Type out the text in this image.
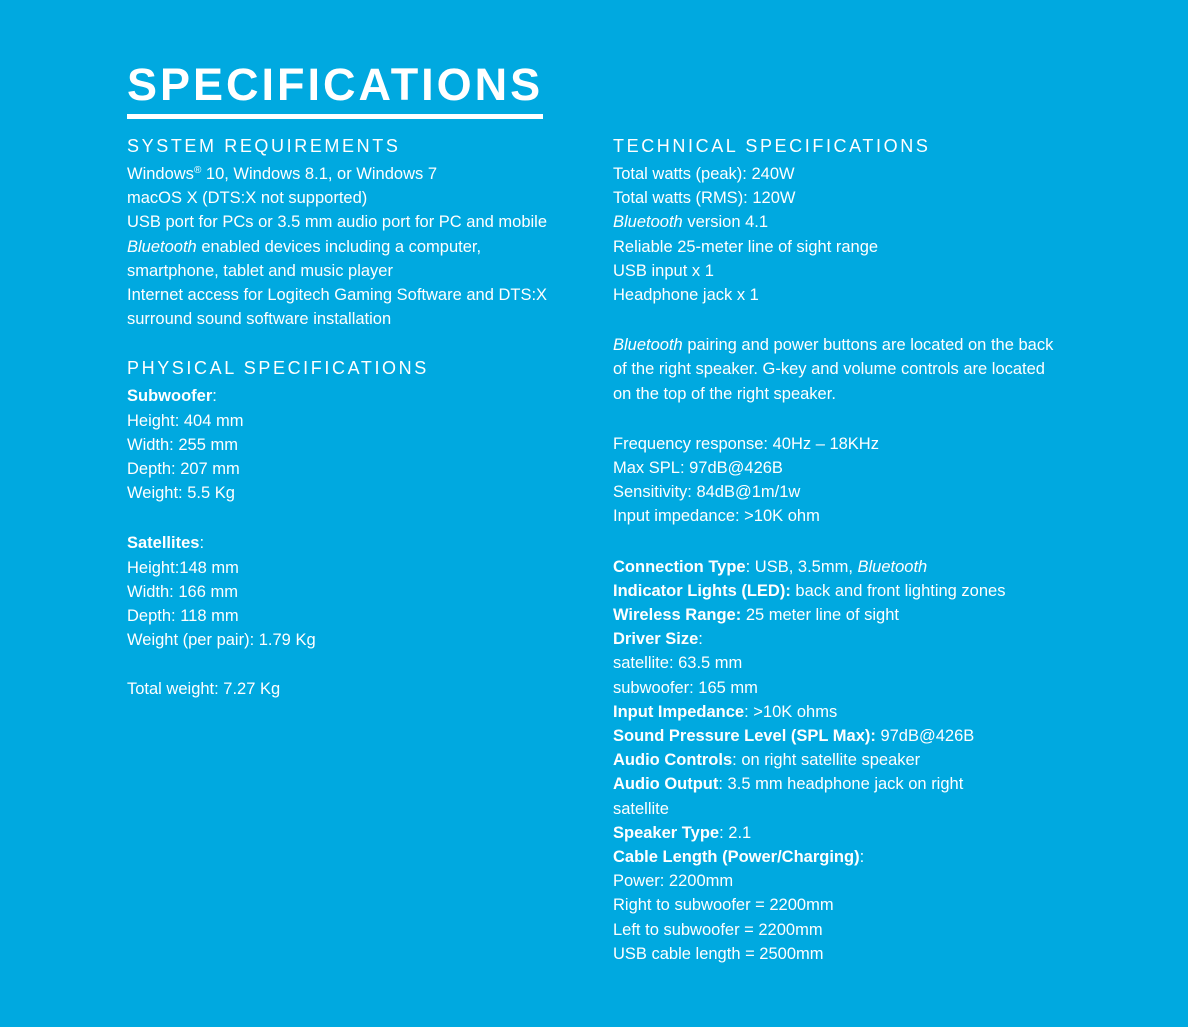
SPECIFICATIONS
SYSTEM REQUIREMENTS
Windows® 10, Windows 8.1, or Windows 7
macOS X (DTS:X not supported)
USB port for PCs or 3.5 mm audio port for PC and mobile
Bluetooth enabled devices including a computer, smartphone, tablet and music player
Internet access for Logitech Gaming Software and DTS:X surround sound software installation
PHYSICAL SPECIFICATIONS
Subwoofer:
Height: 404 mm
Width: 255 mm
Depth: 207 mm
Weight: 5.5 Kg
Satellites:
Height:148 mm
Width: 166 mm
Depth: 118 mm
Weight (per pair): 1.79 Kg
Total weight: 7.27 Kg
TECHNICAL SPECIFICATIONS
Total watts (peak): 240W
Total watts (RMS): 120W
Bluetooth version 4.1
Reliable 25-meter line of sight range
USB input x 1
Headphone jack x 1
Bluetooth pairing and power buttons are located on the back of the right speaker. G-key and volume controls are located on the top of the right speaker.
Frequency response: 40Hz – 18KHz
Max SPL: 97dB@426B
Sensitivity: 84dB@1m/1w
Input impedance: >10K ohm
Connection Type: USB, 3.5mm, Bluetooth
Indicator Lights (LED): back and front lighting zones
Wireless Range: 25 meter line of sight
Driver Size:
satellite: 63.5 mm
subwoofer: 165 mm
Input Impedance: >10K ohms
Sound Pressure Level (SPL Max): 97dB@426B
Audio Controls: on right satellite speaker
Audio Output: 3.5 mm headphone jack on right satellite
Speaker Type: 2.1
Cable Length (Power/Charging):
Power: 2200mm
Right to subwoofer = 2200mm
Left to subwoofer = 2200mm
USB cable length = 2500mm
